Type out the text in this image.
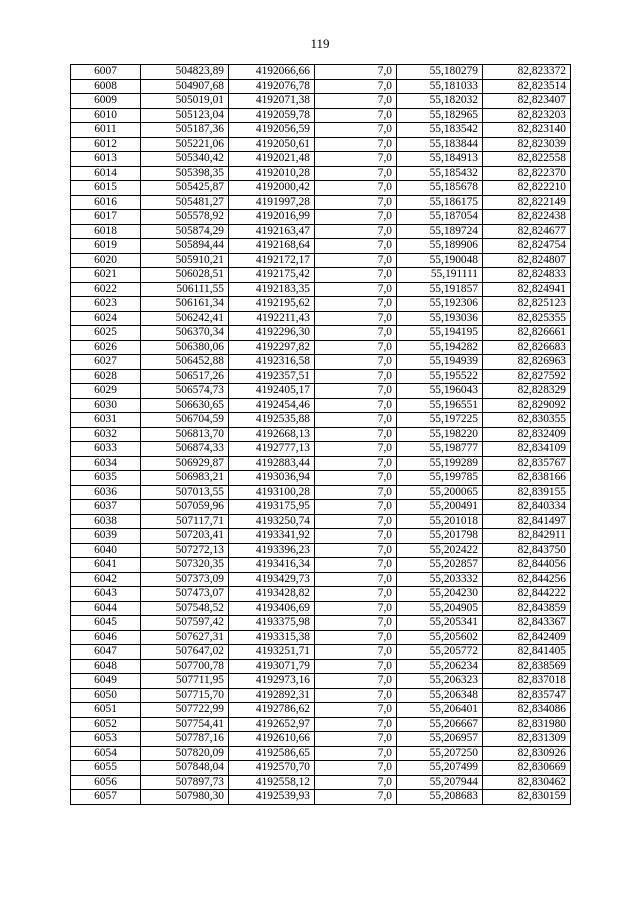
119
6007	504823,89	4192066,66	7,0	55,180279	82,823372
6008	504907,68	4192076,78	7,0	55,181033	82,823514
6009	505019,01	4192071,38	7,0	55,182032	82,823407
6010	505123,04	4192059,78	7,0	55,182965	82,823203
6011	505187,36	4192056,59	7,0	55,183542	82,823140
6012	505221,06	4192050,61	7,0	55,183844	82,823039
6013	505340,42	4192021,48	7,0	55,184913	82,822558
6014	505398,35	4192010,28	7,0	55,185432	82,822370
6015	505425,87	4192000,42	7,0	55,185678	82,822210
6016	505481,27	4191997,28	7,0	55,186175	82,822149
6017	505578,92	4192016,99	7,0	55,187054	82,822438
6018	505874,29	4192163,47	7,0	55,189724	82,824677
6019	505894,44	4192168,64	7,0	55,189906	82,824754
6020	505910,21	4192172,17	7,0	55,190048	82,824807
6021	506028,51	4192175,42	7,0	55,191111	82,824833
6022	506111,55	4192183,35	7,0	55,191857	82,824941
6023	506161,34	4192195,62	7,0	55,192306	82,825123
6024	506242,41	4192211,43	7,0	55,193036	82,825355
6025	506370,34	4192296,30	7,0	55,194195	82,826661
6026	506380,06	4192297,82	7,0	55,194282	82,826683
6027	506452,88	4192316,58	7,0	55,194939	82,826963
6028	506517,26	4192357,51	7,0	55,195522	82,827592
6029	506574,73	4192405,17	7,0	55,196043	82,828329
6030	506630,65	4192454,46	7,0	55,196551	82,829092
6031	506704,59	4192535,88	7,0	55,197225	82,830355
6032	506813,70	4192668,13	7,0	55,198220	82,832409
6033	506874,33	4192777,13	7,0	55,198777	82,834109
6034	506929,87	4192883,44	7,0	55,199289	82,835767
6035	506983,21	4193036,94	7,0	55,199785	82,838166
6036	507013,55	4193100,28	7,0	55,200065	82,839155
6037	507059,96	4193175,95	7,0	55,200491	82,840334
6038	507117,71	4193250,74	7,0	55,201018	82,841497
6039	507203,41	4193341,92	7,0	55,201798	82,842911
6040	507272,13	4193396,23	7,0	55,202422	82,843750
6041	507320,35	4193416,34	7,0	55,202857	82,844056
6042	507373,09	4193429,73	7,0	55,203332	82,844256
6043	507473,07	4193428,82	7,0	55,204230	82,844222
6044	507548,52	4193406,69	7,0	55,204905	82,843859
6045	507597,42	4193375,98	7,0	55,205341	82,843367
6046	507627,31	4193315,38	7,0	55,205602	82,842409
6047	507647,02	4193251,71	7,0	55,205772	82,841405
6048	507700,78	4193071,79	7,0	55,206234	82,838569
6049	507711,95	4192973,16	7,0	55,206323	82,837018
6050	507715,70	4192892,31	7,0	55,206348	82,835747
6051	507722,99	4192786,62	7,0	55,206401	82,834086
6052	507754,41	4192652,97	7,0	55,206667	82,831980
6053	507787,16	4192610,66	7,0	55,206957	82,831309
6054	507820,09	4192586,65	7,0	55,207250	82,830926
6055	507848,04	4192570,70	7,0	55,207499	82,830669
6056	507897,73	4192558,12	7,0	55,207944	82,830462
6057	507980,30	4192539,93	7,0	55,208683	82,830159
